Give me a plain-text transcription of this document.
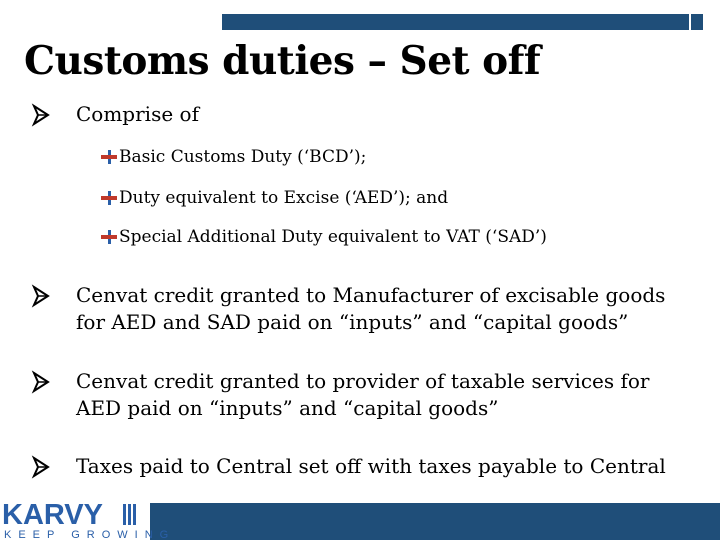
Customs duties – Set off
Comprise of
Basic Customs Duty (‘BCD’);
Duty equivalent to Excise (‘AED’); and
Special Additional Duty equivalent to VAT (‘SAD’)
Cenvat credit granted to Manufacturer of excisable goods
for AED and SAD paid on “inputs” and “capital goods”
Cenvat credit granted to provider of taxable services for
AED paid on “inputs” and “capital goods”
Taxes paid to Central set off with taxes payable to Central
KARVY
KEEP GROWING
